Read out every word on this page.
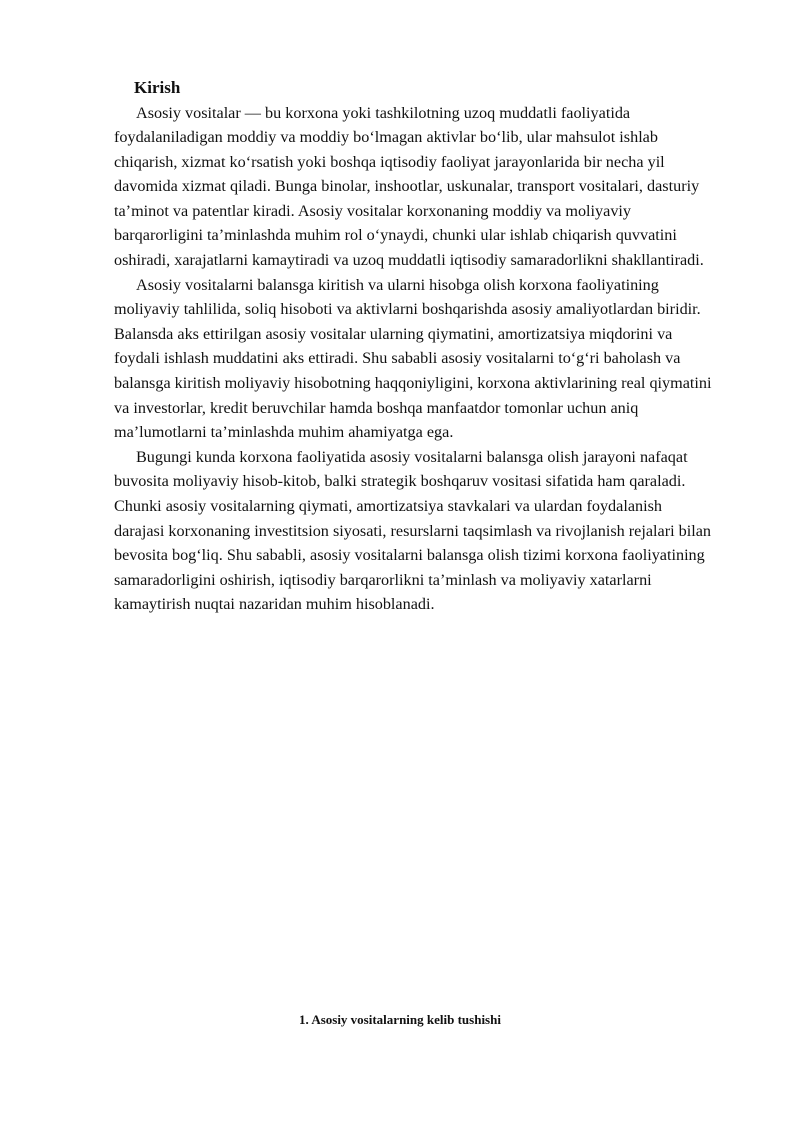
Kirish

Asosiy vositalar — bu korxona yoki tashkilotning uzoq muddatli faoliyatida foydalaniladigan moddiy va moddiy boʻlmagan aktivlar boʻlib, ular mahsulot ishlab chiqarish, xizmat koʻrsatish yoki boshqa iqtisodiy faoliyat jarayonlarida bir necha yil davomida xizmat qiladi. Bunga binolar, inshootlar, uskunalar, transport vositalari, dasturiy taʼminot va patentlar kiradi. Asosiy vositalar korxonaning moddiy va moliyaviy barqarorligini taʼminlashda muhim rol oʻynaydi, chunki ular ishlab chiqarish quvvatini oshiradi, xarajatlarni kamaytiradi va uzoq muddatli iqtisodiy samaradorlikni shakllantiradi.

Asosiy vositalarni balansga kiritish va ularni hisobga olish korxona faoliyatining moliyaviy tahlilida, soliq hisoboti va aktivlarni boshqarishda asosiy amaliyotlardan biridir. Balansda aks ettirilgan asosiy vositalar ularning qiymatini, amortizatsiya miqdorini va foydali ishlash muddatini aks ettiradi. Shu sababli asosiy vositalarni toʻgʻri baholash va balansga kiritish moliyaviy hisobotning haqqoniyligini, korxona aktivlarining real qiymatini va investorlar, kredit beruvchilar hamda boshqa manfaatdor tomonlar uchun aniq maʼlumotlarni taʼminlashda muhim ahamiyatga ega.

Bugungi kunda korxona faoliyatida asosiy vositalarni balansga olish jarayoni nafaqat buvosita moliyaviy hisob-kitob, balki strategik boshqaruv vositasi sifatida ham qaraladi. Chunki asosiy vositalarning qiymati, amortizatsiya stavkalari va ulardan foydalanish darajasi korxonaning investitsion siyosati, resurslarni taqsimlash va rivojlanish rejalari bilan bevosita bogʻliq. Shu sababli, asosiy vositalarni balansga olish tizimi korxona faoliyatining samaradorligini oshirish, iqtisodiy barqarorlikni taʼminlash va moliyaviy xatarlarni kamaytirish nuqtai nazaridan muhim hisoblanadi.

1. Asosiy vositalarning kelib tushishi
